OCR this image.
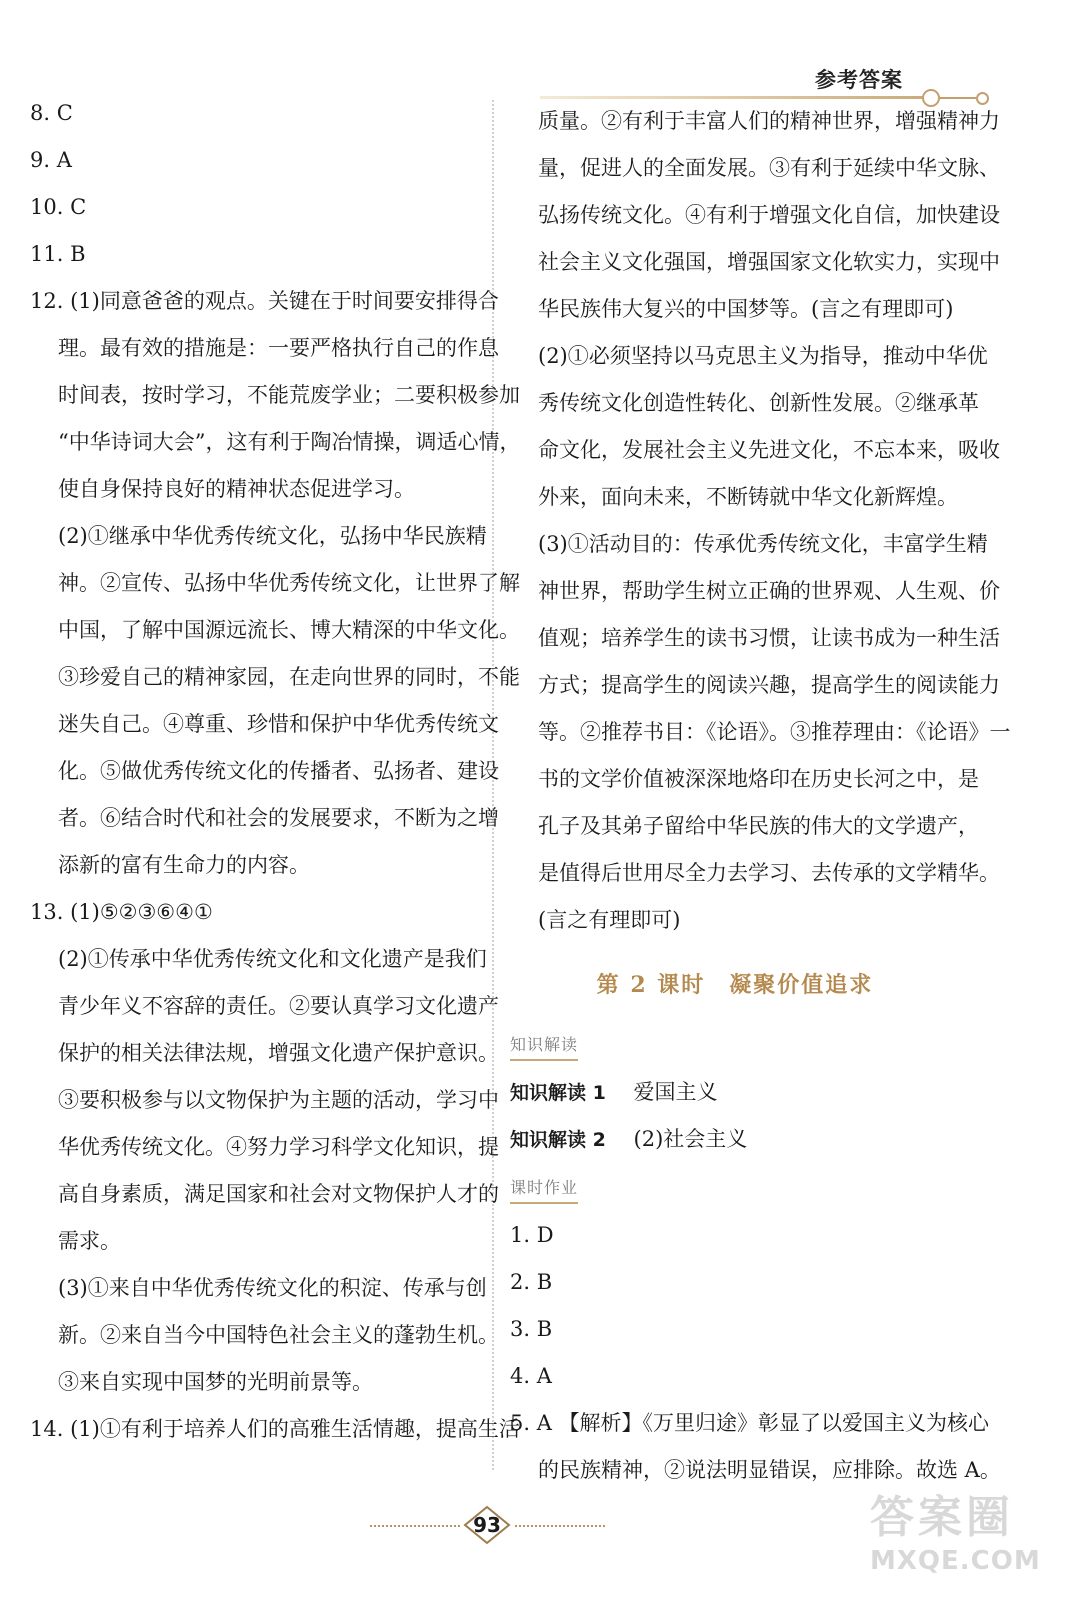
参考答案
8. C
9. A
10. C
11. B
12. (1)同意爸爸的观点。关键在于时间要安排得合
理。最有效的措施是：一要严格执行自己的作息
时间表，按时学习，不能荒废学业；二要积极参加
“中华诗词大会”，这有利于陶冶情操，调适心情，
使自身保持良好的精神状态促进学习。
(2)①继承中华优秀传统文化，弘扬中华民族精
神。②宣传、弘扬中华优秀传统文化，让世界了解
中国，了解中国源远流长、博大精深的中华文化。
③珍爱自己的精神家园，在走向世界的同时，不能
迷失自己。④尊重、珍惜和保护中华优秀传统文
化。⑤做优秀传统文化的传播者、弘扬者、建设
者。⑥结合时代和社会的发展要求，不断为之增
添新的富有生命力的内容。
13. (1)⑤②③⑥④①
(2)①传承中华优秀传统文化和文化遗产是我们
青少年义不容辞的责任。②要认真学习文化遗产
保护的相关法律法规，增强文化遗产保护意识。
③要积极参与以文物保护为主题的活动，学习中
华优秀传统文化。④努力学习科学文化知识，提
高自身素质，满足国家和社会对文物保护人才的
需求。
(3)①来自中华优秀传统文化的积淀、传承与创
新。②来自当今中国特色社会主义的蓬勃生机。
③来自实现中国梦的光明前景等。
14. (1)①有利于培养人们的高雅生活情趣，提高生活
质量。②有利于丰富人们的精神世界，增强精神力
量，促进人的全面发展。③有利于延续中华文脉、
弘扬传统文化。④有利于增强文化自信，加快建设
社会主义文化强国，增强国家文化软实力，实现中
华民族伟大复兴的中国梦等。(言之有理即可)
(2)①必须坚持以马克思主义为指导，推动中华优
秀传统文化创造性转化、创新性发展。②继承革
命文化，发展社会主义先进文化，不忘本来，吸收
外来，面向未来，不断铸就中华文化新辉煌。
(3)①活动目的：传承优秀传统文化，丰富学生精
神世界，帮助学生树立正确的世界观、人生观、价
值观；培养学生的读书习惯，让读书成为一种生活
方式；提高学生的阅读兴趣，提高学生的阅读能力
等。②推荐书目：《论语》。③推荐理由：《论语》一
书的文学价值被深深地烙印在历史长河之中，是
孔子及其弟子留给中华民族的伟大的文学遗产，
是值得后世用尽全力去学习、去传承的文学精华。
(言之有理即可)
第 2 课时　凝聚价值追求
知识解读
知识解读 1　 爱国主义
知识解读 2　 (2)社会主义
课时作业
1. D
2. B
3. B
4. A
5. A 【解析】《万里归途》彰显了以爱国主义为核心
的民族精神，②说法明显错误，应排除。故选 A。
93	答案圈
MXQE.COM
